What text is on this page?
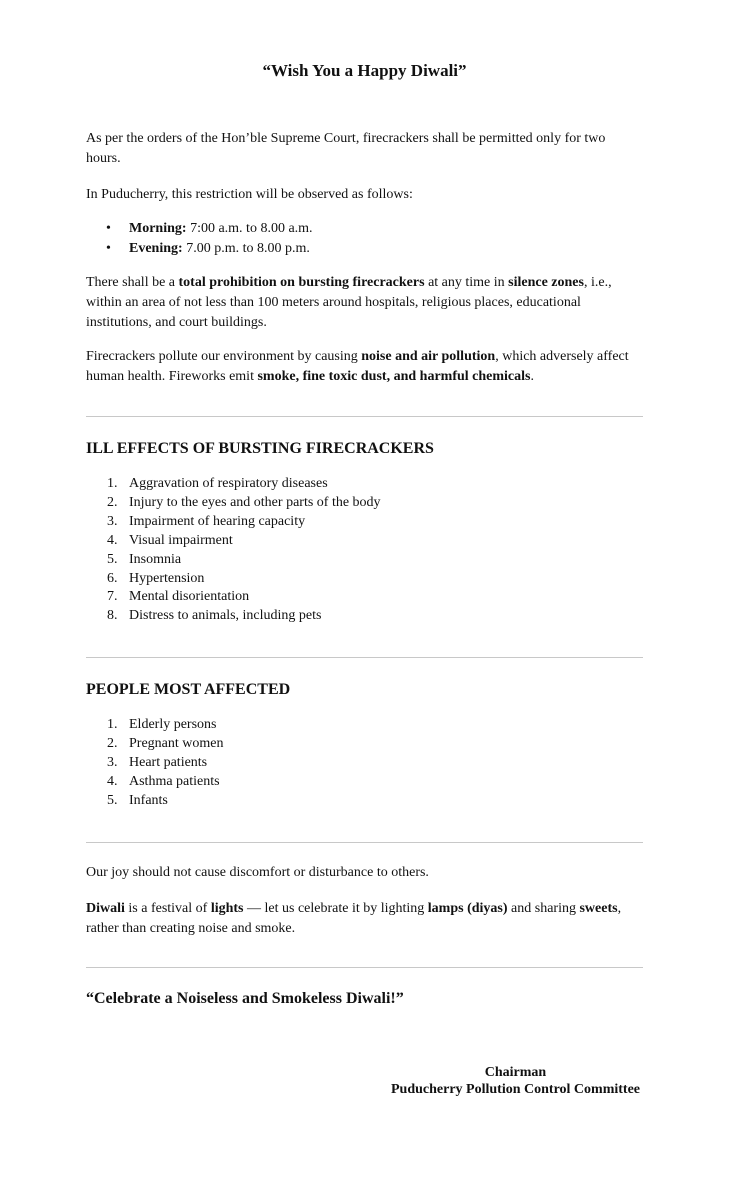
“Wish You a Happy Diwali”

As per the orders of the Hon’ble Supreme Court, firecrackers shall be permitted only for two hours.

In Puducherry, this restriction will be observed as follows:

• Morning: 7:00 a.m. to 8.00 a.m.
• Evening: 7.00 p.m. to 8.00 p.m.

There shall be a total prohibition on bursting firecrackers at any time in silence zones, i.e., within an area of not less than 100 meters around hospitals, religious places, educational institutions, and court buildings.

Firecrackers pollute our environment by causing noise and air pollution, which adversely affect human health. Fireworks emit smoke, fine toxic dust, and harmful chemicals.

ILL EFFECTS OF BURSTING FIRECRACKERS
1. Aggravation of respiratory diseases
2. Injury to the eyes and other parts of the body
3. Impairment of hearing capacity
4. Visual impairment
5. Insomnia
6. Hypertension
7. Mental disorientation
8. Distress to animals, including pets
PEOPLE MOST AFFECTED
1. Elderly persons
2. Pregnant women
3. Heart patients
4. Asthma patients
5. Infants

Our joy should not cause discomfort or disturbance to others.

Diwali is a festival of lights — let us celebrate it by lighting lamps (diyas) and sharing sweets, rather than creating noise and smoke.

“Celebrate a Noiseless and Smokeless Diwali!”
Chairman
Puducherry Pollution Control Committee
